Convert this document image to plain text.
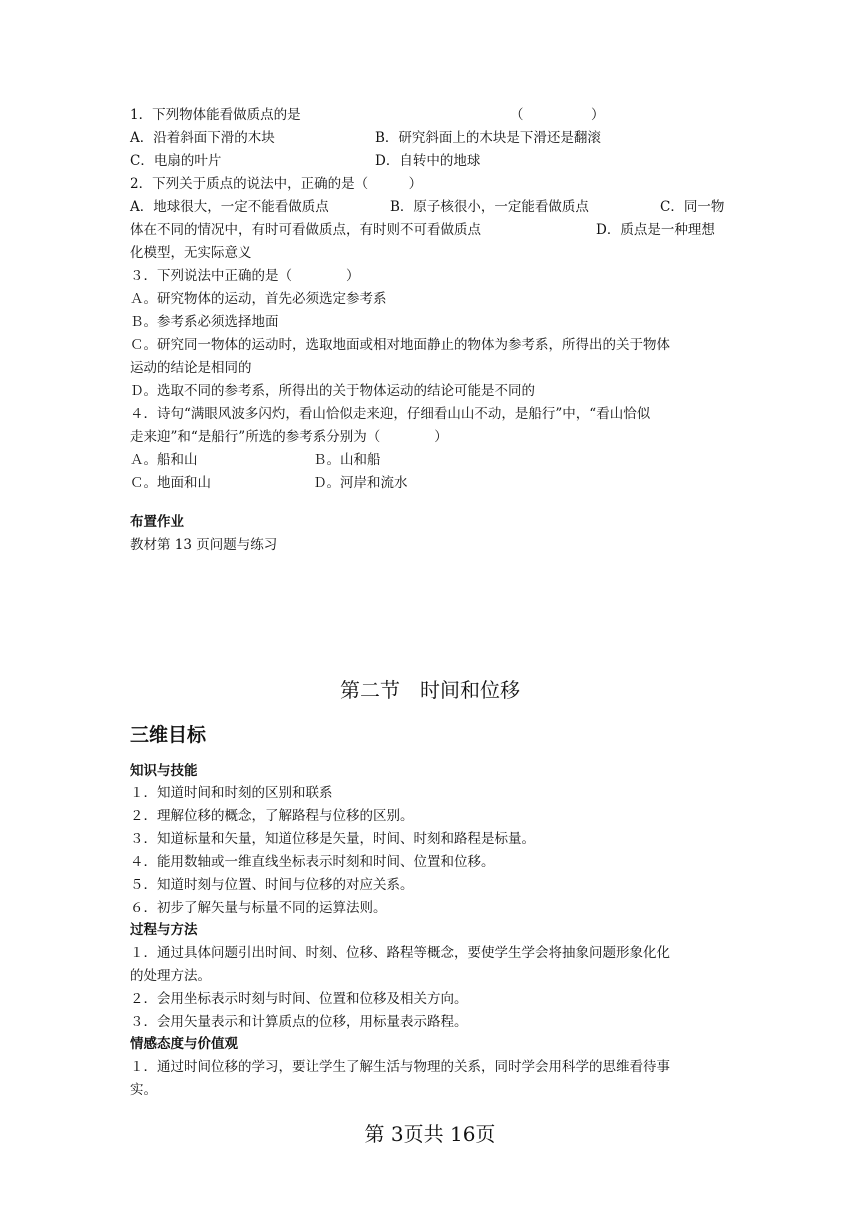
1．下列物体能看做质点的是	（　　　　　）
A．沿着斜面下滑的木块	B．研究斜面上的木块是下滑还是翻滚
C．电扇的叶片	D．自转中的地球
2．下列关于质点的说法中，正确的是（　　　）
A．地球很大，一定不能看做质点	B．原子核很小，一定能看做质点	C．同一物
体在不同的情况中，有时可看做质点，有时则不可看做质点	D．质点是一种理想
化模型，无实际意义
３．下列说法中正确的是（　　　　）
Ａ。研究物体的运动，首先必须选定参考系
Ｂ。参考系必须选择地面
Ｃ。研究同一物体的运动时，选取地面或相对地面静止的物体为参考系，所得出的关于物体
运动的结论是相同的
Ｄ。选取不同的参考系，所得出的关于物体运动的结论可能是不同的
４．诗句“满眼风波多闪灼，看山恰似走来迎，仔细看山山不动，是船行”中，“看山恰似
走来迎”和“是船行”所选的参考系分别为（　　　　）
Ａ。船和山	Ｂ。山和船
Ｃ。地面和山	Ｄ。河岸和流水
布置作业
教材第 13 页问题与练习
第二节　时间和位移
三维目标
知识与技能
１．知道时间和时刻的区别和联系
２．理解位移的概念，了解路程与位移的区别。
３．知道标量和矢量，知道位移是矢量，时间、时刻和路程是标量。
４．能用数轴或一维直线坐标表示时刻和时间、位置和位移。
５．知道时刻与位置、时间与位移的对应关系。
６．初步了解矢量与标量不同的运算法则。
过程与方法
１．通过具体问题引出时间、时刻、位移、路程等概念，要使学生学会将抽象问题形象化化
的处理方法。
２．会用坐标表示时刻与时间、位置和位移及相关方向。
３．会用矢量表示和计算质点的位移，用标量表示路程。
情感态度与价值观
１．通过时间位移的学习，要让学生了解生活与物理的关系，同时学会用科学的思维看待事
实。
第 3页共 16页
